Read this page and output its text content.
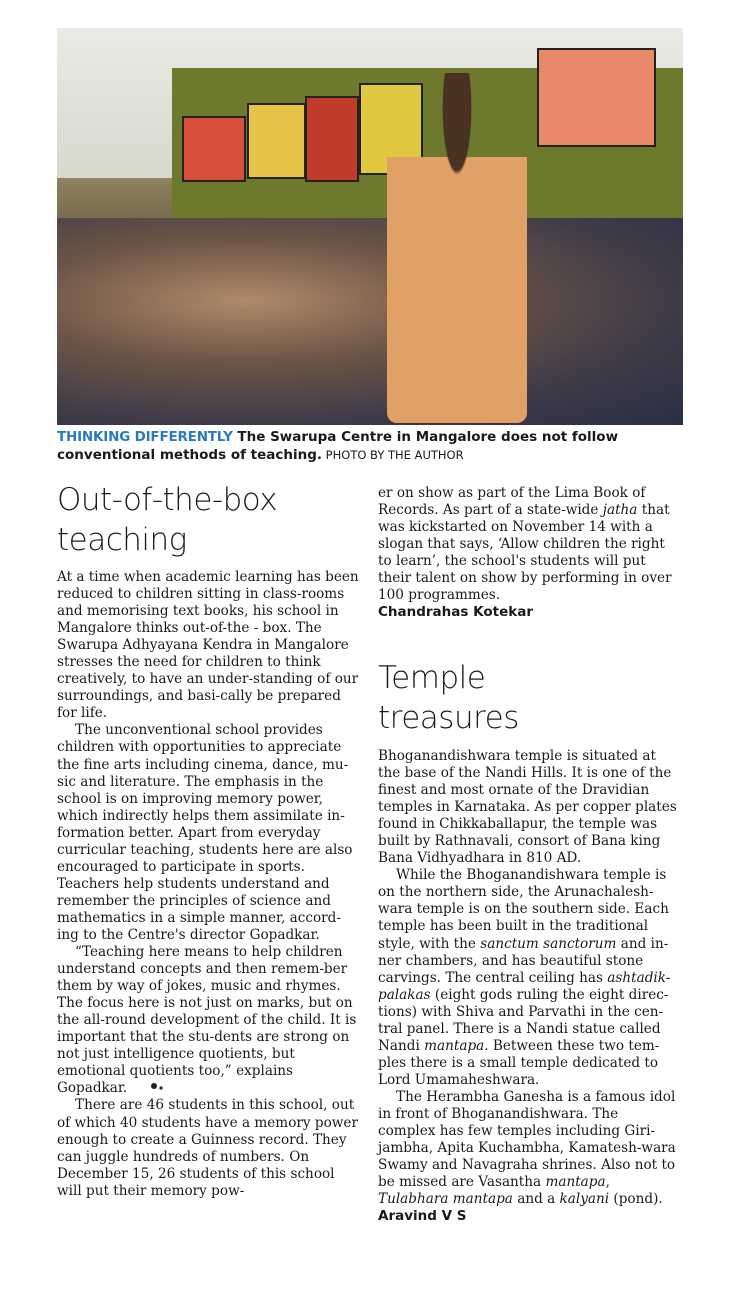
THINKING DIFFERENTLY The Swarupa Centre in Mangalore does not follow conventional methods of teaching. PHOTO BY THE AUTHOR
Out-of-the-box
teaching

At a time when academic learning has been reduced to children sitting in class-rooms and memorising text books, his school in Mangalore thinks out-of-the - box. The Swarupa Adhyayana Kendra in Mangalore stresses the need for children to think creatively, to have an under-standing of our surroundings, and basi-cally be prepared for life.

The unconventional school provides children with opportunities to appreciate the fine arts including cinema, dance, mu-sic and literature. The emphasis in the school is on improving memory power, which indirectly helps them assimilate in-formation better. Apart from everyday curricular teaching, students here are also encouraged to participate in sports. Teachers help students understand and remember the principles of science and mathematics in a simple manner, accord-ing to the Centre's director Gopadkar.

“Teaching here means to help children understand concepts and then remem-ber them by way of jokes, music and rhymes. The focus here is not just on marks, but on the all-round development of the child. It is important that the stu-dents are strong on not just intelligence quotients, but emotional quotients too,” explains Gopadkar.

There are 46 students in this school, out of which 40 students have a memory power enough to create a Guinness record. They can juggle hundreds of numbers. On December 15, 26 students of this school will put their memory pow-

er on show as part of the Lima Book of Records. As part of a state-wide jatha that was kickstarted on November 14 with a slogan that says, ‘Allow children the right to learn’, the school's students will put their talent on show by performing in over 100 programmes.

Chandrahas Kotekar
Temple
treasures

Bhoganandishwara temple is situated at the base of the Nandi Hills. It is one of the finest and most ornate of the Dravidian temples in Karnataka. As per copper plates found in Chikkaballapur, the temple was built by Rathnavali, consort of Bana king Bana Vidhyadhara in 810 AD.

While the Bhoganandishwara temple is on the northern side, the Arunachalesh-wara temple is on the southern side. Each temple has been built in the traditional style, with the sanctum sanctorum and in-ner chambers, and has beautiful stone carvings. The central ceiling has ashtadik-palakas (eight gods ruling the eight direc-tions) with Shiva and Parvathi in the cen-tral panel. There is a Nandi statue called Nandi mantapa. Between these two tem-ples there is a small temple dedicated to Lord Umamaheshwara.

The Herambha Ganesha is a famous idol in front of Bhoganandishwara. The complex has few temples including Giri-jambha, Apita Kuchambha, Kamatesh-wara Swamy and Navagraha shrines. Also not to be missed are Vasantha mantapa, Tulabhara mantapa and a kalyani (pond).

Aravind V S
